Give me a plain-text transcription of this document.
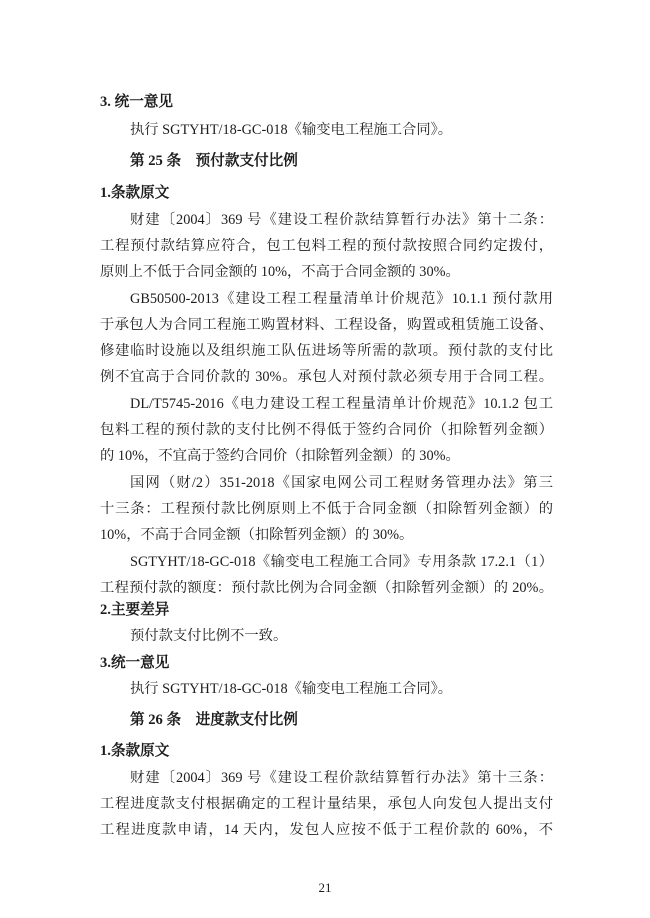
3. 统一意见
执行 SGTYHT/18-GC-018《输变电工程施工合同》。
第 25 条　预付款支付比例
1.条款原文
财建〔2004〕369 号《建设工程价款结算暂行办法》第十二条：
工程预付款结算应符合，包工包料工程的预付款按照合同约定拨付，
原则上不低于合同金额的 10%，不高于合同金额的 30%。
GB50500-2013《建设工程工程量清单计价规范》10.1.1 预付款用
于承包人为合同工程施工购置材料、工程设备，购置或租赁施工设备、
修建临时设施以及组织施工队伍进场等所需的款项。预付款的支付比
例不宜高于合同价款的 30%。承包人对预付款必须专用于合同工程。
DL/T5745-2016《电力建设工程工程量清单计价规范》10.1.2 包工
包料工程的预付款的支付比例不得低于签约合同价（扣除暂列金额）
的 10%，不宜高于签约合同价（扣除暂列金额）的 30%。
国网（财/2）351-2018《国家电网公司工程财务管理办法》第三
十三条：工程预付款比例原则上不低于合同金额（扣除暂列金额）的
10%，不高于合同金额（扣除暂列金额）的 30%。
SGTYHT/18-GC-018《输变电工程施工合同》专用条款 17.2.1（1）
工程预付款的额度：预付款比例为合同金额（扣除暂列金额）的 20%。
2.主要差异
预付款支付比例不一致。
3.统一意见
执行 SGTYHT/18-GC-018《输变电工程施工合同》。
第 26 条　进度款支付比例
1.条款原文
财建〔2004〕369 号《建设工程价款结算暂行办法》第十三条：
工程进度款支付根据确定的工程计量结果，承包人向发包人提出支付
工程进度款申请，14 天内，发包人应按不低于工程价款的 60%，不
21
